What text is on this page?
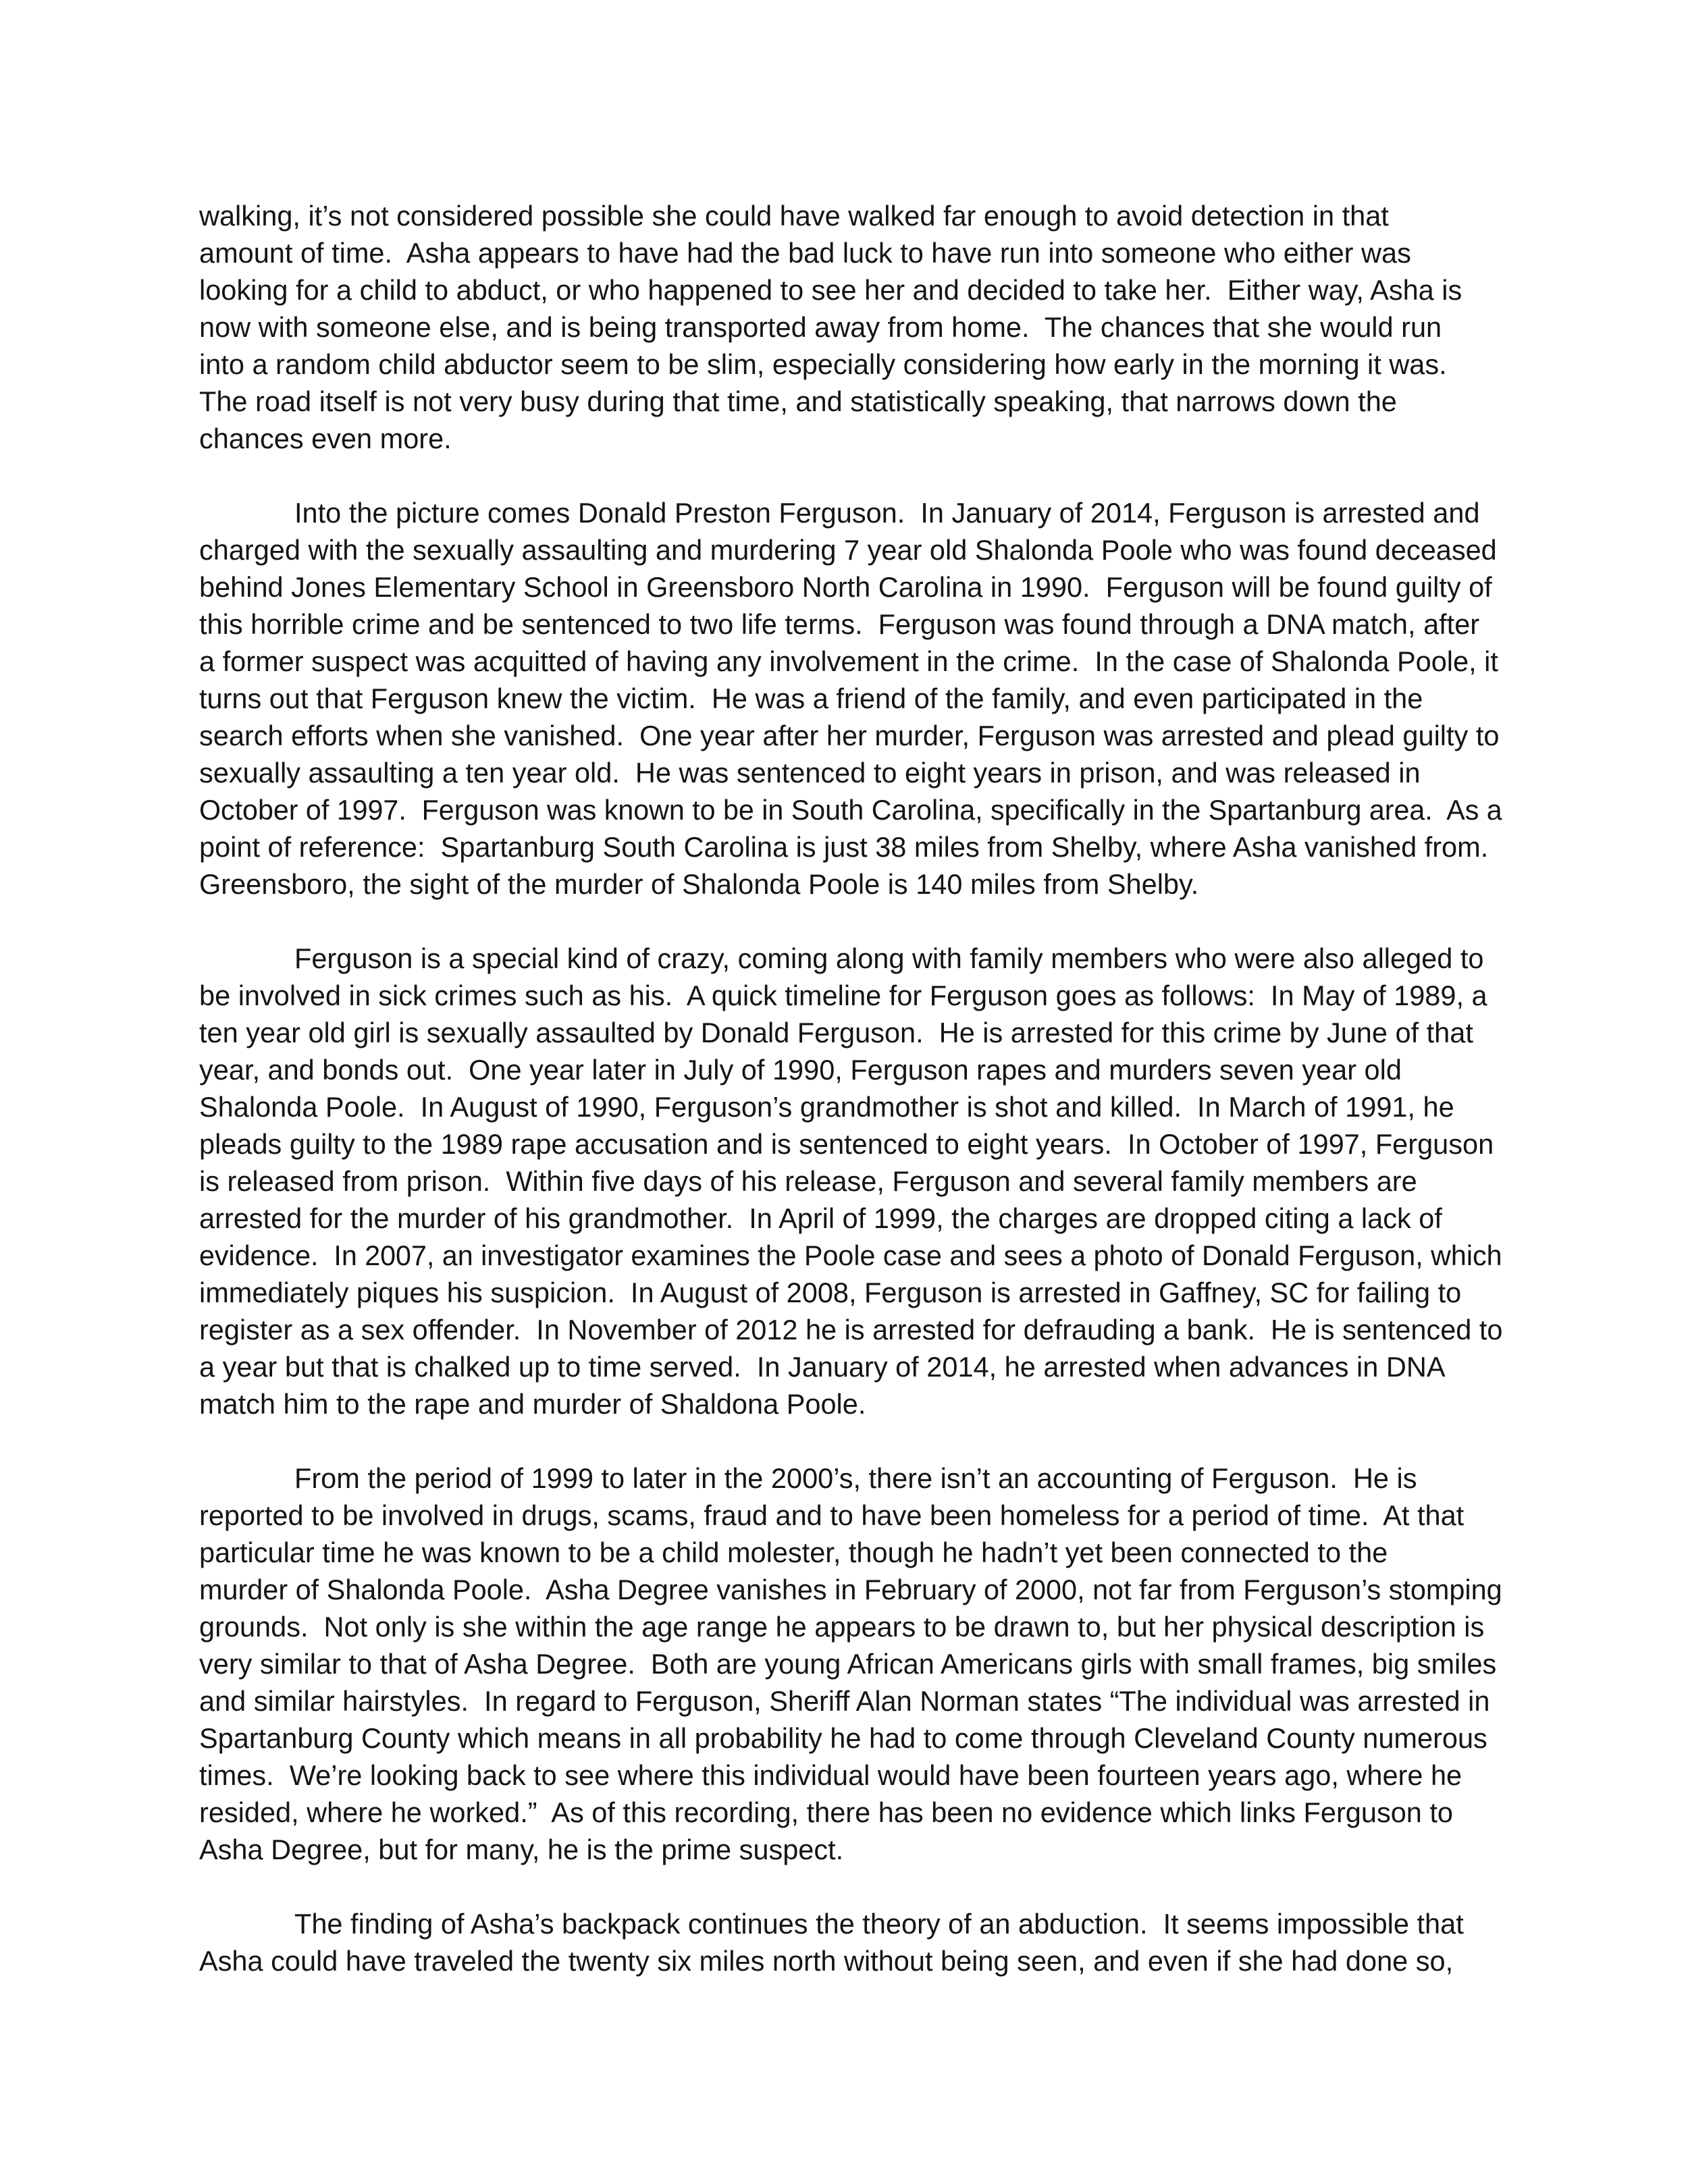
walking, it’s not considered possible she could have walked far enough to avoid detection in that
amount of time.  Asha appears to have had the bad luck to have run into someone who either was
looking for a child to abduct, or who happened to see her and decided to take her.  Either way, Asha is
now with someone else, and is being transported away from home.  The chances that she would run
into a random child abductor seem to be slim, especially considering how early in the morning it was.
The road itself is not very busy during that time, and statistically speaking, that narrows down the
chances even more.
Into the picture comes Donald Preston Ferguson.  In January of 2014, Ferguson is arrested and
charged with the sexually assaulting and murdering 7 year old Shalonda Poole who was found deceased
behind Jones Elementary School in Greensboro North Carolina in 1990.  Ferguson will be found guilty of
this horrible crime and be sentenced to two life terms.  Ferguson was found through a DNA match, after
a former suspect was acquitted of having any involvement in the crime.  In the case of Shalonda Poole, it
turns out that Ferguson knew the victim.  He was a friend of the family, and even participated in the
search efforts when she vanished.  One year after her murder, Ferguson was arrested and plead guilty to
sexually assaulting a ten year old.  He was sentenced to eight years in prison, and was released in
October of 1997.  Ferguson was known to be in South Carolina, specifically in the Spartanburg area.  As a
point of reference:  Spartanburg South Carolina is just 38 miles from Shelby, where Asha vanished from.
Greensboro, the sight of the murder of Shalonda Poole is 140 miles from Shelby.
Ferguson is a special kind of crazy, coming along with family members who were also alleged to
be involved in sick crimes such as his.  A quick timeline for Ferguson goes as follows:  In May of 1989, a
ten year old girl is sexually assaulted by Donald Ferguson.  He is arrested for this crime by June of that
year, and bonds out.  One year later in July of 1990, Ferguson rapes and murders seven year old
Shalonda Poole.  In August of 1990, Ferguson’s grandmother is shot and killed.  In March of 1991, he
pleads guilty to the 1989 rape accusation and is sentenced to eight years.  In October of 1997, Ferguson
is released from prison.  Within five days of his release, Ferguson and several family members are
arrested for the murder of his grandmother.  In April of 1999, the charges are dropped citing a lack of
evidence.  In 2007, an investigator examines the Poole case and sees a photo of Donald Ferguson, which
immediately piques his suspicion.  In August of 2008, Ferguson is arrested in Gaffney, SC for failing to
register as a sex offender.  In November of 2012 he is arrested for defrauding a bank.  He is sentenced to
a year but that is chalked up to time served.  In January of 2014, he arrested when advances in DNA
match him to the rape and murder of Shaldona Poole.
From the period of 1999 to later in the 2000’s, there isn’t an accounting of Ferguson.  He is
reported to be involved in drugs, scams, fraud and to have been homeless for a period of time.  At that
particular time he was known to be a child molester, though he hadn’t yet been connected to the
murder of Shalonda Poole.  Asha Degree vanishes in February of 2000, not far from Ferguson’s stomping
grounds.  Not only is she within the age range he appears to be drawn to, but her physical description is
very similar to that of Asha Degree.  Both are young African Americans girls with small frames, big smiles
and similar hairstyles.  In regard to Ferguson, Sheriff Alan Norman states “The individual was arrested in
Spartanburg County which means in all probability he had to come through Cleveland County numerous
times.  We’re looking back to see where this individual would have been fourteen years ago, where he
resided, where he worked.”  As of this recording, there has been no evidence which links Ferguson to
Asha Degree, but for many, he is the prime suspect.
The finding of Asha’s backpack continues the theory of an abduction.  It seems impossible that
Asha could have traveled the twenty six miles north without being seen, and even if she had done so,
